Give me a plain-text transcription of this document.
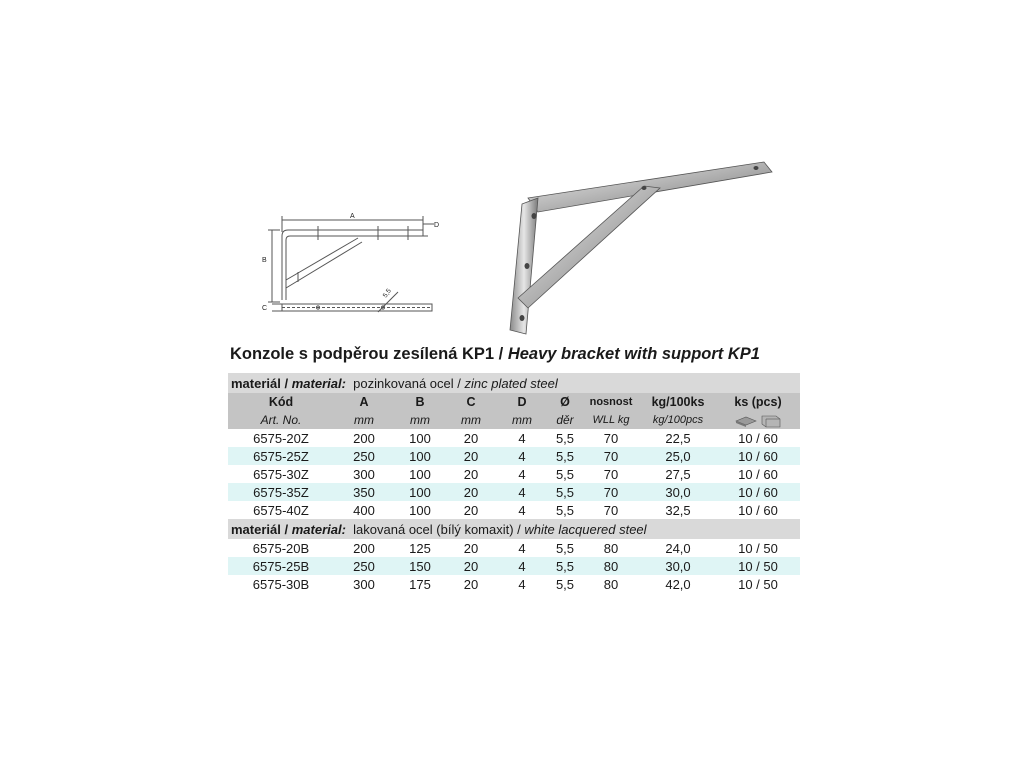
A
B
C
D
5,5
Konzole s podpěrou zesílená KP1 / Heavy bracket with support KP1
materiál / material: pozinkovaná ocel / zinc plated steel								
Kód	A	B	C	D	Ø	nosnost	kg/100ks	ks (pcs)
Art. No.	mm	mm	mm	mm	děr	WLL kg	kg/100pcs	
6575-20Z	200	100	20	4	5,5	70	22,5	10 / 60
6575-25Z	250	100	20	4	5,5	70	25,0	10 / 60
6575-30Z	300	100	20	4	5,5	70	27,5	10 / 60
6575-35Z	350	100	20	4	5,5	70	30,0	10 / 60
6575-40Z	400	100	20	4	5,5	70	32,5	10 / 60
materiál / material: lakovaná ocel (bílý komaxit) / white lacquered steel								
6575-20B	200	125	20	4	5,5	80	24,0	10 / 50
6575-25B	250	150	20	4	5,5	80	30,0	10 / 50
6575-30B	300	175	20	4	5,5	80	42,0	10 / 50
